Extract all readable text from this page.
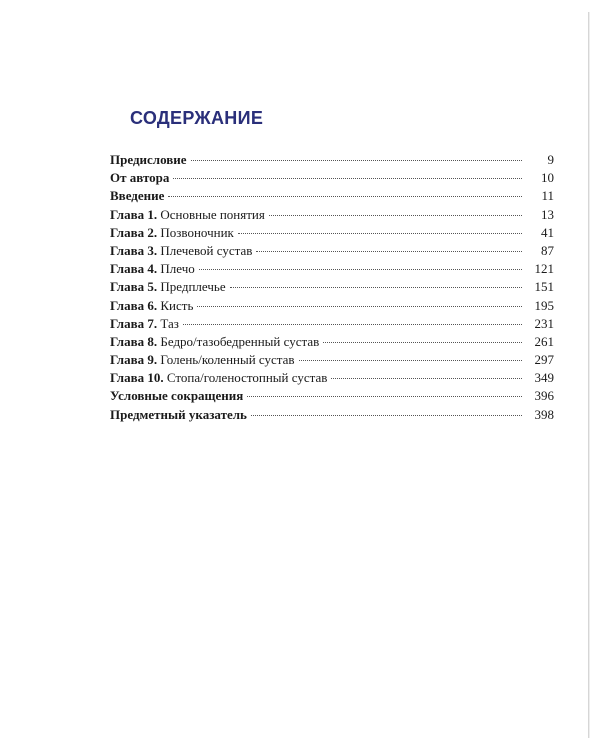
СОДЕРЖАНИЕ
Предисловие	9
От автора	10
Введение	11
Глава 1. Основные понятия	13
Глава 2. Позвоночник	41
Глава 3. Плечевой сустав	87
Глава 4. Плечо	121
Глава 5. Предплечье	151
Глава 6. Кисть	195
Глава 7. Таз	231
Глава 8. Бедро/тазобедренный сустав	261
Глава 9. Голень/коленный сустав	297
Глава 10. Стопа/голеностопный сустав	349
Условные сокращения	396
Предметный указатель	398
